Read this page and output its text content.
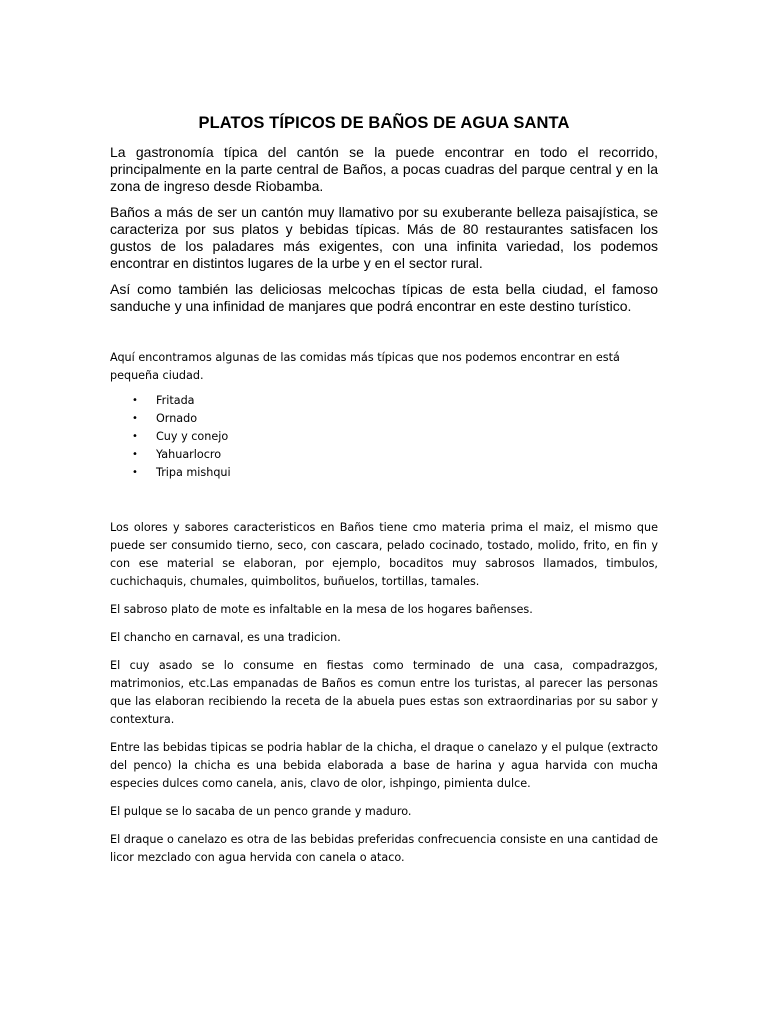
PLATOS TÍPICOS DE BAÑOS DE AGUA SANTA

La gastronomía típica del cantón se la puede encontrar en todo el recorrido, principalmente en la parte central de Baños, a pocas cuadras del parque central y en la zona de ingreso desde Riobamba.

Baños a más de ser un cantón muy llamativo por su exuberante belleza paisajística, se caracteriza por sus platos y bebidas típicas. Más de 80 restaurantes satisfacen los gustos de los paladares más exigentes, con una infinita variedad, los podemos encontrar en distintos lugares de la urbe y en el sector rural.

Así como también las deliciosas melcochas típicas de esta bella ciudad, el famoso sanduche y una infinidad de manjares que podrá encontrar en este destino turístico.

Aquí encontramos algunas de las comidas más típicas que nos podemos encontrar en está pequeña ciudad.

• Fritada
• Ornado
• Cuy y conejo
• Yahuarlocro
• Tripa mishqui

Los olores y sabores caracteristicos en Baños tiene cmo materia prima el maiz, el mismo que puede ser consumido tierno, seco, con cascara, pelado cocinado, tostado, molido, frito, en fin y con ese material se elaboran, por ejemplo, bocaditos muy sabrosos llamados, timbulos, cuchichaquis, chumales, quimbolitos, buñuelos, tortillas, tamales.

El sabroso plato de mote es infaltable en la mesa de los hogares bañenses.

El chancho en carnaval, es una tradicion.

El cuy asado se lo consume en fiestas como terminado de una casa, compadrazgos, matrimonios, etc.Las empanadas de Baños es comun entre los turistas, al parecer las personas que las elaboran recibiendo la receta de la abuela pues estas son extraordinarias por su sabor y contextura.

Entre las bebidas tipicas se podria hablar de la chicha, el draque o canelazo y el pulque (extracto del penco) la chicha es una bebida elaborada a base de harina y agua harvida con mucha especies dulces como canela, anis, clavo de olor, ishpingo, pimienta dulce.

El pulque se lo sacaba de un penco grande y maduro.

El draque o canelazo es otra de las bebidas preferidas confrecuencia consiste en una cantidad de licor mezclado con agua hervida con canela o ataco.
